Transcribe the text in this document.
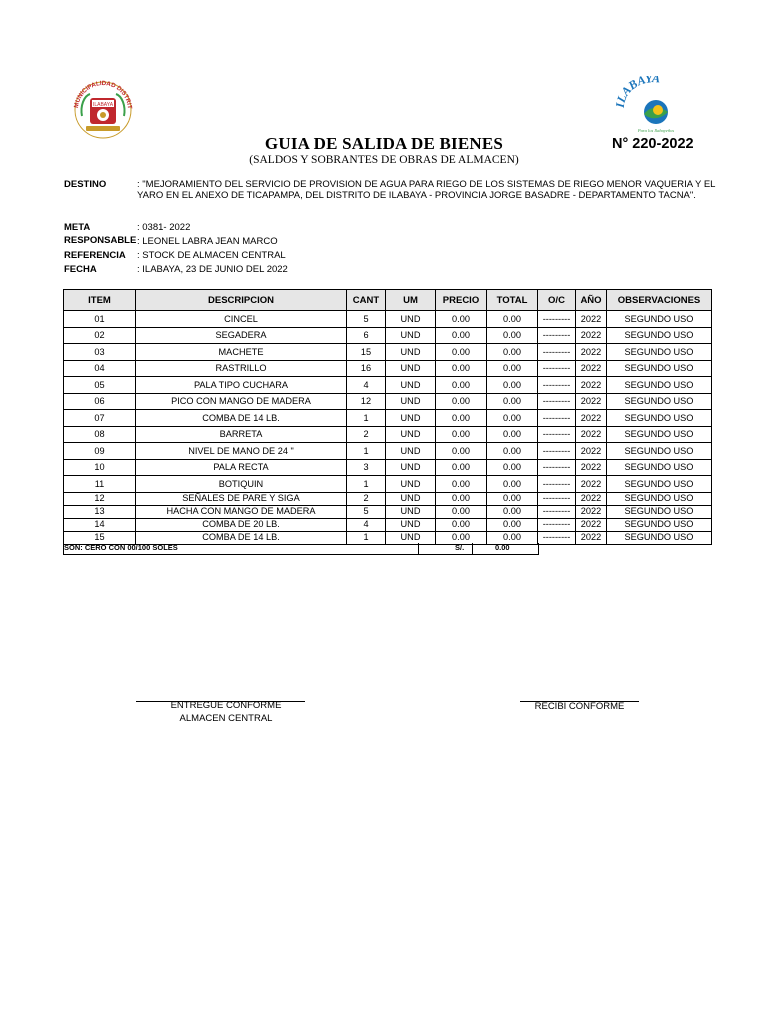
MUNICIPALIDAD DISTRIT
ILABAYA	ILABAYA
Para los Ilabayeños
GUIA DE SALIDA DE BIENES
(SALDOS Y SOBRANTES DE OBRAS DE ALMACEN)
N° 220-2022
DESTINO	: "MEJORAMIENTO DEL SERVICIO DE PROVISION DE AGUA PARA RIEGO DE LOS SISTEMAS DE RIEGO MENOR VAQUERIA Y EL YARO EN EL ANEXO DE TICAPAMPA, DEL DISTRITO DE ILABAYA - PROVINCIA JORGE BASADRE - DEPARTAMENTO TACNA".
META	: 0381- 2022
RESPONSABLE : LEONEL LABRA JEAN MARCO
REFERENCIA : STOCK DE ALMACEN CENTRAL
FECHA	: ILABAYA, 23 DE JUNIO DEL 2022
ITEM	DESCRIPCION	CANT	UM	PRECIO	TOTAL	O/C	AÑO	OBSERVACIONES
01	CINCEL	5	UND	0.00	0.00	---------	2022	SEGUNDO USO
02	SEGADERA	6	UND	0.00	0.00	---------	2022	SEGUNDO USO
03	MACHETE	15	UND	0.00	0.00	---------	2022	SEGUNDO USO
04	RASTRILLO	16	UND	0.00	0.00	---------	2022	SEGUNDO USO
05	PALA TIPO CUCHARA	4	UND	0.00	0.00	---------	2022	SEGUNDO USO
06	PICO CON MANGO DE MADERA	12	UND	0.00	0.00	---------	2022	SEGUNDO USO
07	COMBA DE 14 LB.	1	UND	0.00	0.00	---------	2022	SEGUNDO USO
08	BARRETA	2	UND	0.00	0.00	---------	2022	SEGUNDO USO
09	NIVEL DE MANO DE 24 "	1	UND	0.00	0.00	---------	2022	SEGUNDO USO
10	PALA RECTA	3	UND	0.00	0.00	---------	2022	SEGUNDO USO
11	BOTIQUIN	1	UND	0.00	0.00	---------	2022	SEGUNDO USO
12	SEÑALES DE PARE Y SIGA	2	UND	0.00	0.00	---------	2022	SEGUNDO USO
13	HACHA CON MANGO DE MADERA	5	UND	0.00	0.00	---------	2022	SEGUNDO USO
14	COMBA DE 20 LB.	4	UND	0.00	0.00	---------	2022	SEGUNDO USO
15	COMBA DE 14 LB.	1	UND	0.00	0.00	---------	2022	SEGUNDO USO
SON: CERO CON 00/100 SOLES	S/.	0.00
ENTREGUE CONFORME
ALMACEN CENTRAL
RECIBI CONFORME
